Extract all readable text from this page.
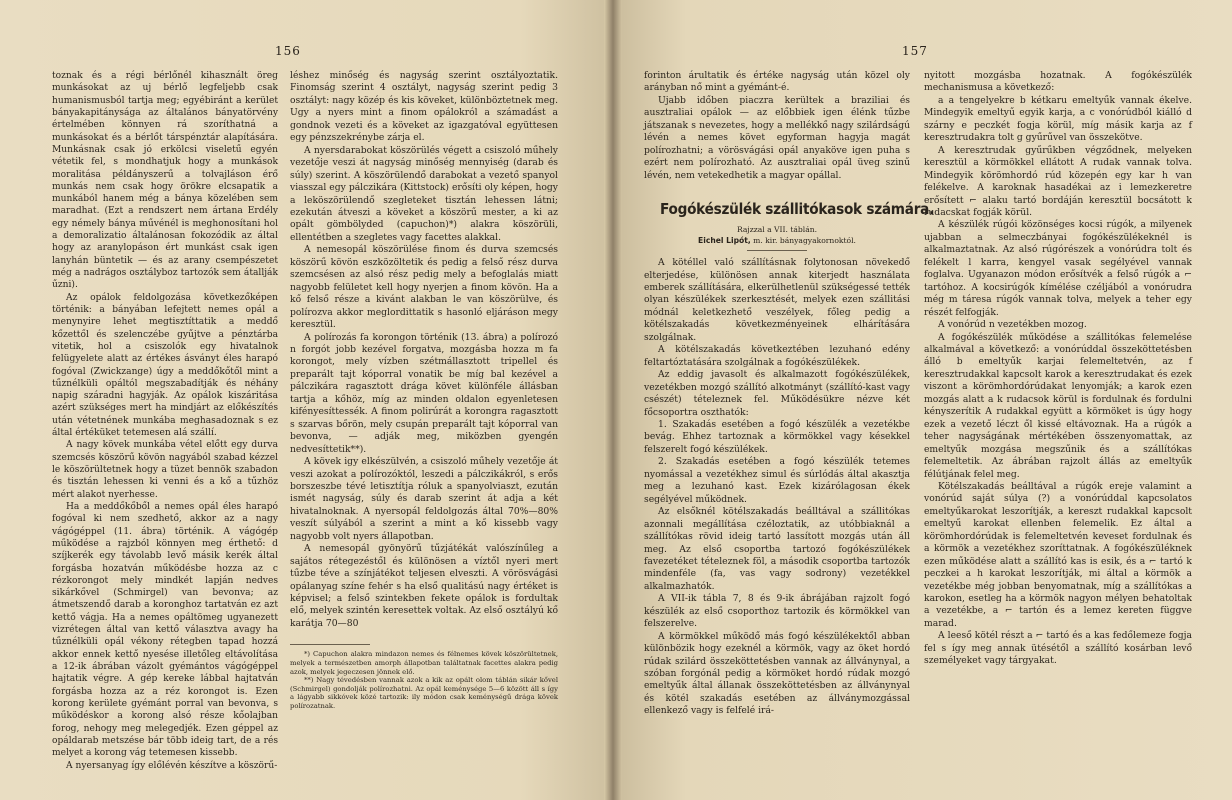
156

toznak és a régi bérlőnél kihasznált öreg munkásokat az uj bérlő legfeljebb csak humanismusból tartja meg; egyébiránt a kerület bányakapitánysága az általános bányatörvény értelmében könnyen rá szoríthatná a munkásokat és a bérlőt társpénztár alapítására. Munkásnak csak jó erkölcsi viseletű egyén vétetik fel, s mondhatjuk hogy a munkások moralitása példányszerű a tolvajláson érő munkás nem csak hogy örökre elcsapatik a munkából hanem még a bánya közelében sem maradhat. (Ezt a rendszert nem ártana Erdély egy némely bánya művénél is meghonosítani hol a demoralizatio általánosan fokozódik az által hogy az aranylopáson ért munkást csak igen lanyhán büntetik — és az arany csempészetet még a nadrágos osztályboz tartozók sem átallják űzni).

Az opálok feldolgozása következőképen történik: a bányában lefejtett nemes opál a menynyire lehet megtisztíttatik a meddő kőzettől és szelenczébe gyűjtve a pénztárba vitetik, hol a csiszolók egy hivatalnok felügyelete alatt az értékes ásványt éles harapó fogóval (Zwickzange) úgy a meddőkőtől mint a tűznélküli opáltól megszabadítják és néhány napig száradni hagyják. Az opálok kiszáritása azért szükséges mert ha mindjárt az előkészítés után vétetnének munkába meghasadoznak s ez által értéküket tetemesen alá szállí.

A nagy kövek munkába vétel előtt egy durva szemcsés köszörű kövön nagyából szabad kézzel le köszörültetnek hogy a tüzet bennök szabadon és tisztán lehessen ki venni és a kő a tűzhöz mért alakot nyerhesse.

Ha a meddőkőből a nemes opál éles harapó fogóval ki nem szedhető, akkor az a nagy vágógéppel (11. ábra) történik. A vágógép működése a rajzból könnyen meg érthető: d szíjkerék egy távolabb levő másik kerék által forgásba hozatván működésbe hozza az c rézkorongot mely mindkét lapján nedves sikárkővel (Schmirgel) van bevonva; az átmetszendő darab a koronghoz tartatván ez azt kettő vágja. Ha a nemes opáltömeg ugyanezett vizrétegen által van kettő választva avagy ha tűznélküli opál vékony rétegben tapad hozzá akkor ennek kettő nyesése illetőleg eltávolítása a 12-ik ábrában vázolt gyémántos vágógéppel hajtatik végre. A gép kereke lábbal hajtatván forgásba hozza az a réz korongot is. Ezen korong kerülete gyémánt porral van bevonva, s működéskor a korong alsó része kőolajban forog, nehogy meg melegedjék. Ezen géppel az opáldarab metszése bár több ideig tart, de a rés melyet a korong vág tetemesen kissebb.

A nyersanyag így előlévén készítve a köszörű-

léshez minőség és nagyság szerint osztályoztatik. Finomság szerint 4 osztályt, nagyság szerint pedig 3 osztályt: nagy közép és kis köveket, különböztetnek meg. Ugy a nyers mint a finom opálokról a számadást a gondnok vezeti és a köveket az igazgatóval együttesen egy pénzszekrénybe zárja el.

A nyersdarabokat köszörülés végett a csiszoló műhely vezetője veszi át nagyság minőség mennyiség (darab és súly) szerint. A köszörülendő darabokat a vezető spanyol viasszal egy pálczikára (Kittstock) erősíti oly képen, hogy a leköszörülendő szegleteket tisztán lehessen látni; ezekután átveszi a köveket a köszörű mester, a ki az opált gömbölyded (capuchon)*) alakra köszörüli, ellentétben a szegletes vagy facettes alakkal.

A nemesopál köszörülése finom és durva szemcsés köszörű kövön eszközöltetik és pedig a felső rész durva szemcsésen az alsó rész pedig mely a befoglalás miatt nagyobb felületet kell hogy nyerjen a finom kövön. Ha a kő felső része a kivánt alakban le van köszörülve, és polírozva akkor meglordittatik s hasonló eljáráson megy keresztül.

A polírozás fa korongon történik (13. ábra) a polírozó n forgót jobb kezével forgatva, mozgásba hozza m fa korongot, mely vízben szétmállasztott tripellel és preparált tajt kóporral vonatik be míg bal kezével a pálczikára ragasztott drága követ különféle állásban tartja a kőhöz, míg az minden oldalon egyenletesen kifényesíttessék. A finom polirúrát a korongra ragasztott s szarvas bőrön, mely csupán preparált tajt kóporral van bevonva, — adják meg, miközben gyengén nedvesíttetik**).

A kövek igy elkészülvén, a csiszoló műhely vezetője át veszi azokat a polírozóktól, leszedi a pálczikákról, s erős borszeszbe tévé letisztítja róluk a spanyolviaszt, ezután ismét nagyság, súly és darab szerint át adja a két hivatalnoknak. A nyersopál feldolgozás által 70%—80% veszít súlyából a szerint a mint a kő kissebb vagy nagyobb volt nyers állapotban.

A nemesopál gyönyörű tűzjátékát valószínűleg a sajátos rétegezéstől és különösen a víztől nyeri mert tűzbe téve a színjátékot teljesen elveszti. A vörösvágási opálanyag színe fehér s ha első qualitású nagy értéket is képvisel; a felső szintekben fekete opálok is fordultak elő, melyek szintén keresettek voltak. Az első osztályú kő karátja 70—80

*) Capuchon alakra mindazon nemes és félnemes kövek köszörültetnek, melyek a természetben amorph állapotban találtatnak facettes alakra pedig azok, melyek jegeczesen jönnek elő.

**) Nagy tévedésben vannak azok a kik az opált olom táblán sikár kővel (Schmirgel) gondolják polírozhatni. Az opál keménysége 5—6 között áll s így a lágyabb sikkóvek közé tartozik: ily módon csak keménységű drága kövek polírozatnak.

157

forinton árultatik és értéke nagyság után közel oly arányban nő mint a gyémánt-é.

Ujabb időben piaczra kerültek a braziliai és ausztraliai opálok — az előbbiek igen élénk tűzbe játszanak s nevezetes, hogy a mellékkő nagy szilárdságú lévén a nemes követ egyforman hagyja magát polírozhatni; a vörösvágási opál anyaköve igen puha s ezért nem polírozható. Az ausztraliai opál üveg szinű lévén, nem vetekedhetik a magyar opállal.

Fogókészülék szállitókasok számára.
Rajzzal a VII. táblán.
Eichel Lipót, m. kir. bányagyakornoktól.

A kötéllel való szállításnak folytonosan növekedő elterjedése, különösen annak kiterjedt használata emberek szállítására, elkerülhetlenül szükségessé tették olyan készülékek szerkesztését, melyek ezen szállitási módnál keletkezhető veszélyek, főleg pedig a kötélszakadás következményeinek elhárítására szolgálnak.

A kötélszakadás következtében lezuhanó edény feltartóztatására szolgálnak a fogókészülékek.

Az eddig javasolt és alkalmazott fogókészülékek, vezetékben mozgó szállító alkotmányt (szállító-kast vagy csészét) tételeznek fel. Működésükre nézve két főcsoportra oszthatók:

1. Szakadás esetében a fogó készülék a vezetékbe bevág. Ehhez tartoznak a körmökkel vagy késekkel felszerelt fogó készülékek.

2. Szakadás esetében a fogó készülék tetemes nyomással a vezetékhez simul és súrlódás által akasztja meg a lezuhanó kast. Ezek kizárólagosan ékek segélyével működnek.

Az elsőknél kötélszakadás beálltával a szállitókas azonnali megállítása czéloztatik, az utóbbiaknál a szállítókas rövid ideig tartó lassított mozgás után áll meg. Az első csoportba tartozó fogókészülékek favezetéket tételeznek föl, a második csoportba tartozók mindenféle (fa, vas vagy sodrony) vezetékkel alkalmazhatók.

A VII-ik tábla 7, 8 és 9-ik ábrájában rajzolt fogó készülék az első csoporthoz tartozik és körmökkel van felszerelve.

A körmökkel működő más fogó készülékektől abban különbözik hogy ezeknél a körmök, vagy az öket hordó rúdak szilárd összeköttetésben vannak az állványnyal, a szóban forgónál pedig a körmöket hordó rúdak mozgó emeltyűk által állanak összeköttetésben az állványnyal és kötél szakadás esetében az állványmozgással ellenkező vagy is felfelé irá-

nyitott mozgásba hozatnak. A fogókészülék mechanismusa a következő:

a a tengelyekre b kétkaru emeltyűk vannak ékelve. Mindegyik emeltyű egyik karja, a c vonórúdból kiálló d szárny e peczkét fogja körül, míg másik karja az f keresztrudakra tolt g gyűrűvel van összekötve.

A keresztrudak gyűrűkben végződnek, melyeken keresztül a körmökkel ellátott A rudak vannak tolva. Mindegyik körömhordó rúd közepén egy kar h van felékelve. A karoknak hasadékai az i lemezkeretre erősített ⌐ alaku tartó bordáján keresztül bocsátott k rudacskat fogják körül.

A készülék rúgói közönséges kocsi rúgók, a milyenek ujabban a selmeczbányai fogókészülékeknél is alkalmaztatnak. Az alsó rúgórészek a vonórúdra tolt és felékelt l karra, kengyel vasak segélyével vannak foglalva. Ugyanazon módon erősítvék a felső rúgók a ⌐ tartóhoz. A kocsirúgók kímélése czéljából a vonórudra még m táresa rúgók vannak tolva, melyek a teher egy részét felfogják.

A vonórúd n vezetékben mozog.

A fogókészülék működése a szállitókas felemelése alkalmával a következő: a vonórúddal összeköttetésben álló b emeltyűk karjai felemeltetvén, az f keresztrudakkal kapcsolt karok a keresztrudakat és ezek viszont a körömhordórúdakat lenyomják; a karok ezen mozgás alatt a k rudacsok körül is fordulnak és fordulni kényszerítik A rudakkal együtt a körmöket is úgy hogy ezek a vezető léczt ől kissé eltávoznak. Ha a rúgók a teher nagyságának mértékében összenyomattak, az emeltyűk mozgása megszűnik és a szállítókas felemeltetik. Az ábrában rajzolt állás az emeltyűk félútjának felel meg.

Kötélszakadás beálltával a rúgók ereje valamint a vonórúd saját súlya (?) a vonórúddal kapcsolatos emeltyűkarokat leszorítják, a kereszt rudakkal kapcsolt emeltyű karokat ellenben felemelik. Ez által a körömhordórúdak is felemeltetvén keveset fordulnak és a körmök a vezetékhez szoríttatnak. A fogókészüléknek ezen működése alatt a szállító kas is esik, és a ⌐ tartó k peczkei a h karokat leszorítják, mi által a körmök a vezetékbe még jobban benyomatnak, míg a szállítókas a karokon, esetleg ha a körmök nagyon mélyen behatoltak a vezetékbe, a ⌐ tartón és a lemez kereten függve marad.

A leeső kötél részt a ⌐ tartó és a kas fedőlemeze fogja fel s így meg annak ütésétől a szállító kosárban levő személyeket vagy tárgyakat.
